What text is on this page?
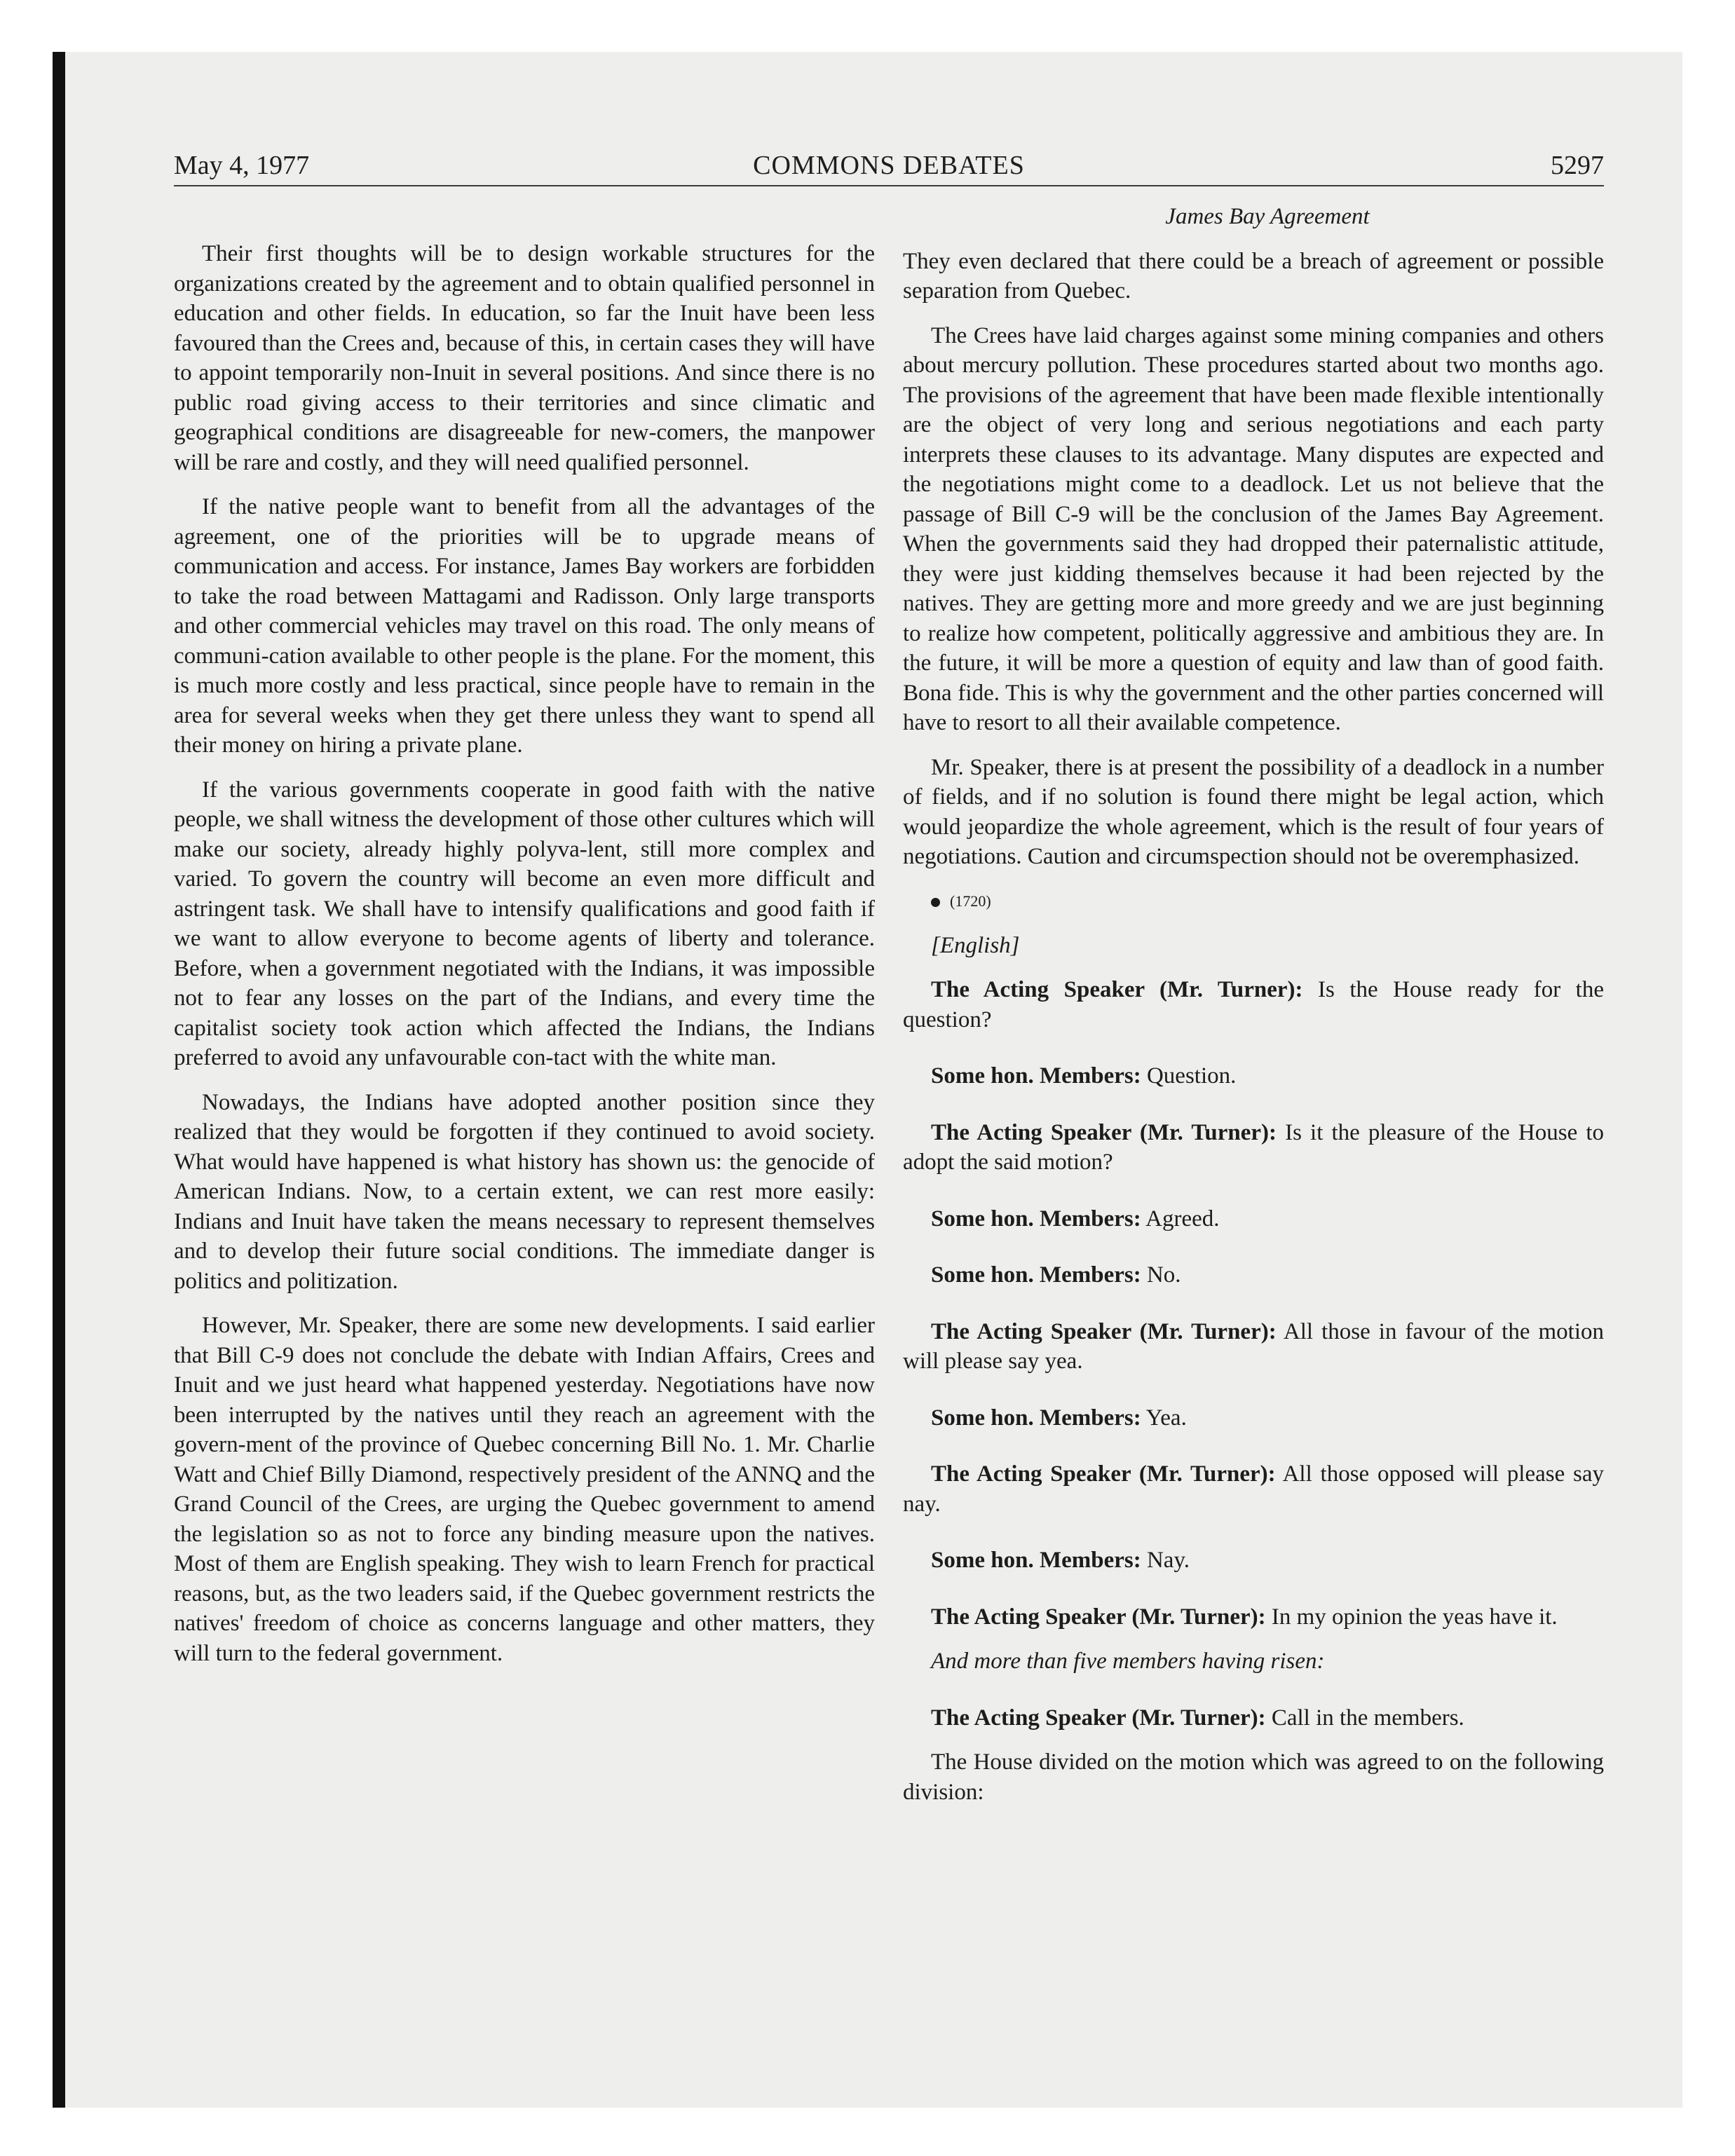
May 4, 1977	COMMONS DEBATES	5297

Their first thoughts will be to design workable structures for the organizations created by the agreement and to obtain qualified personnel in education and other fields. In education, so far the Inuit have been less favoured than the Crees and, because of this, in certain cases they will have to appoint temporarily non-Inuit in several positions. And since there is no public road giving access to their territories and since climatic and geographical conditions are disagreeable for new-comers, the manpower will be rare and costly, and they will need qualified personnel.

If the native people want to benefit from all the advantages of the agreement, one of the priorities will be to upgrade means of communication and access. For instance, James Bay workers are forbidden to take the road between Mattagami and Radisson. Only large transports and other commercial vehicles may travel on this road. The only means of communi-cation available to other people is the plane. For the moment, this is much more costly and less practical, since people have to remain in the area for several weeks when they get there unless they want to spend all their money on hiring a private plane.

If the various governments cooperate in good faith with the native people, we shall witness the development of those other cultures which will make our society, already highly polyva-lent, still more complex and varied. To govern the country will become an even more difficult and astringent task. We shall have to intensify qualifications and good faith if we want to allow everyone to become agents of liberty and tolerance. Before, when a government negotiated with the Indians, it was impossible not to fear any losses on the part of the Indians, and every time the capitalist society took action which affected the Indians, the Indians preferred to avoid any unfavourable con-tact with the white man.

Nowadays, the Indians have adopted another position since they realized that they would be forgotten if they continued to avoid society. What would have happened is what history has shown us: the genocide of American Indians. Now, to a certain extent, we can rest more easily: Indians and Inuit have taken the means necessary to represent themselves and to develop their future social conditions. The immediate danger is politics and politization.

However, Mr. Speaker, there are some new developments. I said earlier that Bill C-9 does not conclude the debate with Indian Affairs, Crees and Inuit and we just heard what happened yesterday. Negotiations have now been interrupted by the natives until they reach an agreement with the govern-ment of the province of Quebec concerning Bill No. 1. Mr. Charlie Watt and Chief Billy Diamond, respectively president of the ANNQ and the Grand Council of the Crees, are urging the Quebec government to amend the legislation so as not to force any binding measure upon the natives. Most of them are English speaking. They wish to learn French for practical reasons, but, as the two leaders said, if the Quebec government restricts the natives' freedom of choice as concerns language and other matters, they will turn to the federal government.

James Bay Agreement

They even declared that there could be a breach of agreement or possible separation from Quebec.

The Crees have laid charges against some mining companies and others about mercury pollution. These procedures started about two months ago. The provisions of the agreement that have been made flexible intentionally are the object of very long and serious negotiations and each party interprets these clauses to its advantage. Many disputes are expected and the negotiations might come to a deadlock. Let us not believe that the passage of Bill C-9 will be the conclusion of the James Bay Agreement. When the governments said they had dropped their paternalistic attitude, they were just kidding themselves because it had been rejected by the natives. They are getting more and more greedy and we are just beginning to realize how competent, politically aggressive and ambitious they are. In the future, it will be more a question of equity and law than of good faith. Bona fide. This is why the government and the other parties concerned will have to resort to all their available competence.

Mr. Speaker, there is at present the possibility of a deadlock in a number of fields, and if no solution is found there might be legal action, which would jeopardize the whole agreement, which is the result of four years of negotiations. Caution and circumspection should not be overemphasized.

(1720)

[English]

The Acting Speaker (Mr. Turner): Is the House ready for the question?

Some hon. Members: Question.

The Acting Speaker (Mr. Turner): Is it the pleasure of the House to adopt the said motion?

Some hon. Members: Agreed.

Some hon. Members: No.

The Acting Speaker (Mr. Turner): All those in favour of the motion will please say yea.

Some hon. Members: Yea.

The Acting Speaker (Mr. Turner): All those opposed will please say nay.

Some hon. Members: Nay.

The Acting Speaker (Mr. Turner): In my opinion the yeas have it.

And more than five members having risen:

The Acting Speaker (Mr. Turner): Call in the members.

The House divided on the motion which was agreed to on the following division:
